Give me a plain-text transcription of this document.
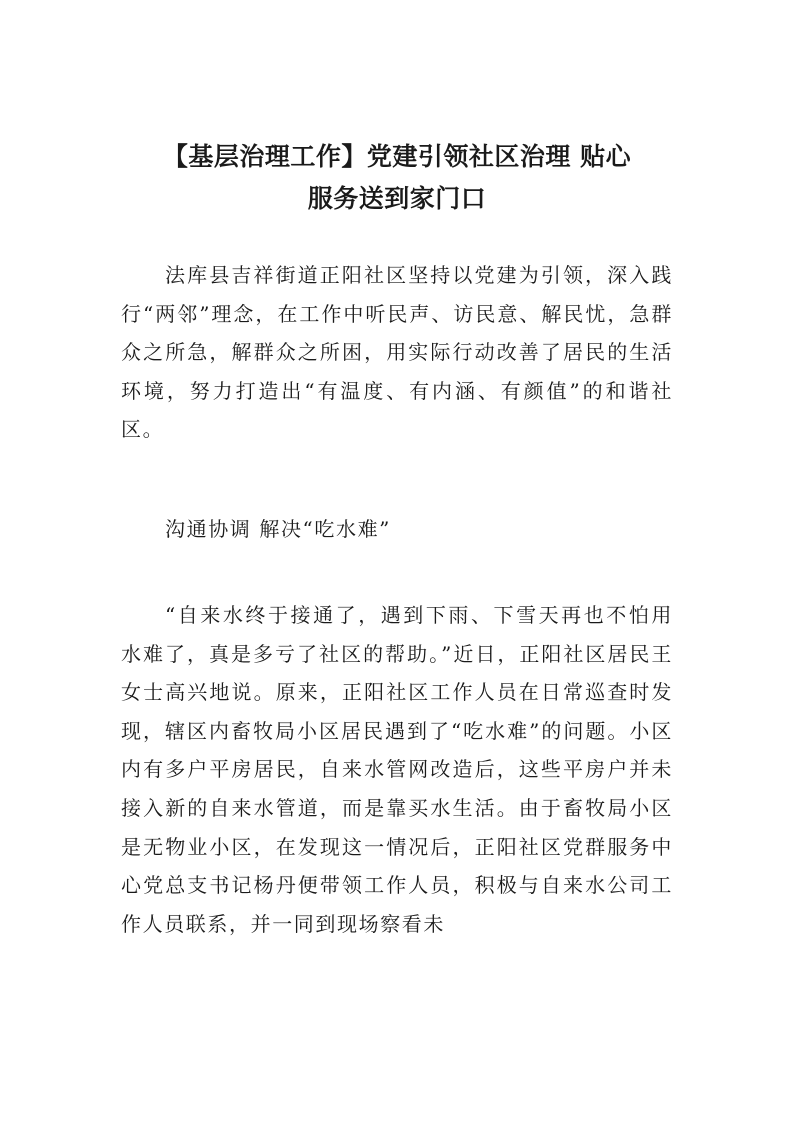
【基层治理工作】党建引领社区治理 贴心
服务送到家门口

法库县吉祥街道正阳社区坚持以党建为引领，深入践行“两邻”理念，在工作中听民声、访民意、解民忧，急群众之所急，解群众之所困，用实际行动改善了居民的生活环境，努力打造出“有温度、有内涵、有颜值”的和谐社区。

沟通协调 解决“吃水难”

“自来水终于接通了，遇到下雨、下雪天再也不怕用水难了，真是多亏了社区的帮助。”近日，正阳社区居民王女士高兴地说。原来，正阳社区工作人员在日常巡查时发现，辖区内畜牧局小区居民遇到了“吃水难”的问题。小区内有多户平房居民，自来水管网改造后，这些平房户并未接入新的自来水管道，而是靠买水生活。由于畜牧局小区是无物业小区，在发现这一情况后，正阳社区党群服务中心党总支书记杨丹便带领工作人员，积极与自来水公司工作人员联系，并一同到现场察看未
